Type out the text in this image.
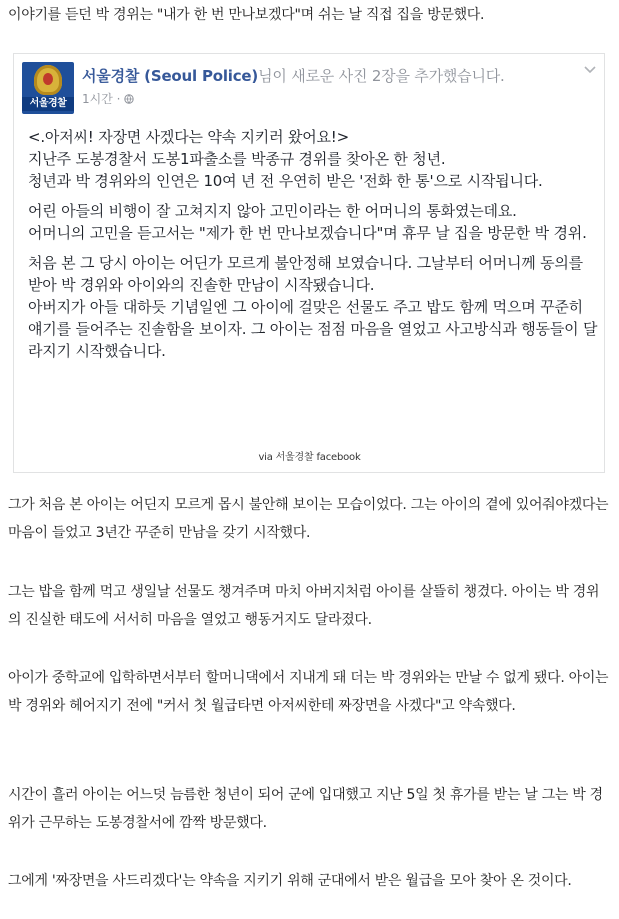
이야기를 듣던 박 경위는 "내가 한 번 만나보겠다"며 쉬는 날 직접 집을 방문했다.

서울경찰
서울경찰 (Seoul Police)님이 새로운 사진 2장을 추가했습니다.
1시간 ·

<.아저씨! 자장면 사겠다는 약속 지키러 왔어요!>

지난주 도봉경찰서 도봉1파출소를 박종규 경위를 찾아온 한 청년.

청년과 박 경위와의 인연은 10여 년 전 우연히 받은 '전화 한 통'으로 시작됩니다.

어린 아들의 비행이 잘 고쳐지지 않아 고민이라는 한 어머니의 통화였는데요.

어머니의 고민을 듣고서는 "제가 한 번 만나보겠습니다"며 휴무 날 집을 방문한 박 경위.

처음 본 그 당시 아이는 어딘가 모르게 불안정해 보였습니다. 그날부터 어머니께 동의를 받아 박 경위와 아이와의 진솔한 만남이 시작됐습니다.

아버지가 아들 대하듯 기념일엔 그 아이에 걸맞은 선물도 주고 밥도 함께 먹으며 꾸준히 얘기를 들어주는 진솔함을 보이자. 그 아이는 점점 마음을 열었고 사고방식과 행동들이 달라지기 시작했습니다.

via 서울경찰 facebook

그가 처음 본 아이는 어딘지 모르게 몹시 불안해 보이는 모습이었다. 그는 아이의 곁에 있어줘야겠다는 마음이 들었고 3년간 꾸준히 만남을 갖기 시작했다.

그는 밥을 함께 먹고 생일날 선물도 챙겨주며 마치 아버지처럼 아이를 살뜰히 챙겼다. 아이는 박 경위의 진실한 태도에 서서히 마음을 열었고 행동거지도 달라졌다.

아이가 중학교에 입학하면서부터 할머니댁에서 지내게 돼 더는 박 경위와는 만날 수 없게 됐다. 아이는 박 경위와 헤어지기 전에 "커서 첫 월급타면 아저씨한테 짜장면을 사겠다"고 약속했다.

시간이 흘러 아이는 어느덧 늠름한 청년이 되어 군에 입대했고 지난 5일 첫 휴가를 받는 날 그는 박 경위가 근무하는 도봉경찰서에 깜짝 방문했다.

그에게 '짜장면을 사드리겠다'는 약속을 지키기 위해 군대에서 받은 월급을 모아 찾아 온 것이다.
